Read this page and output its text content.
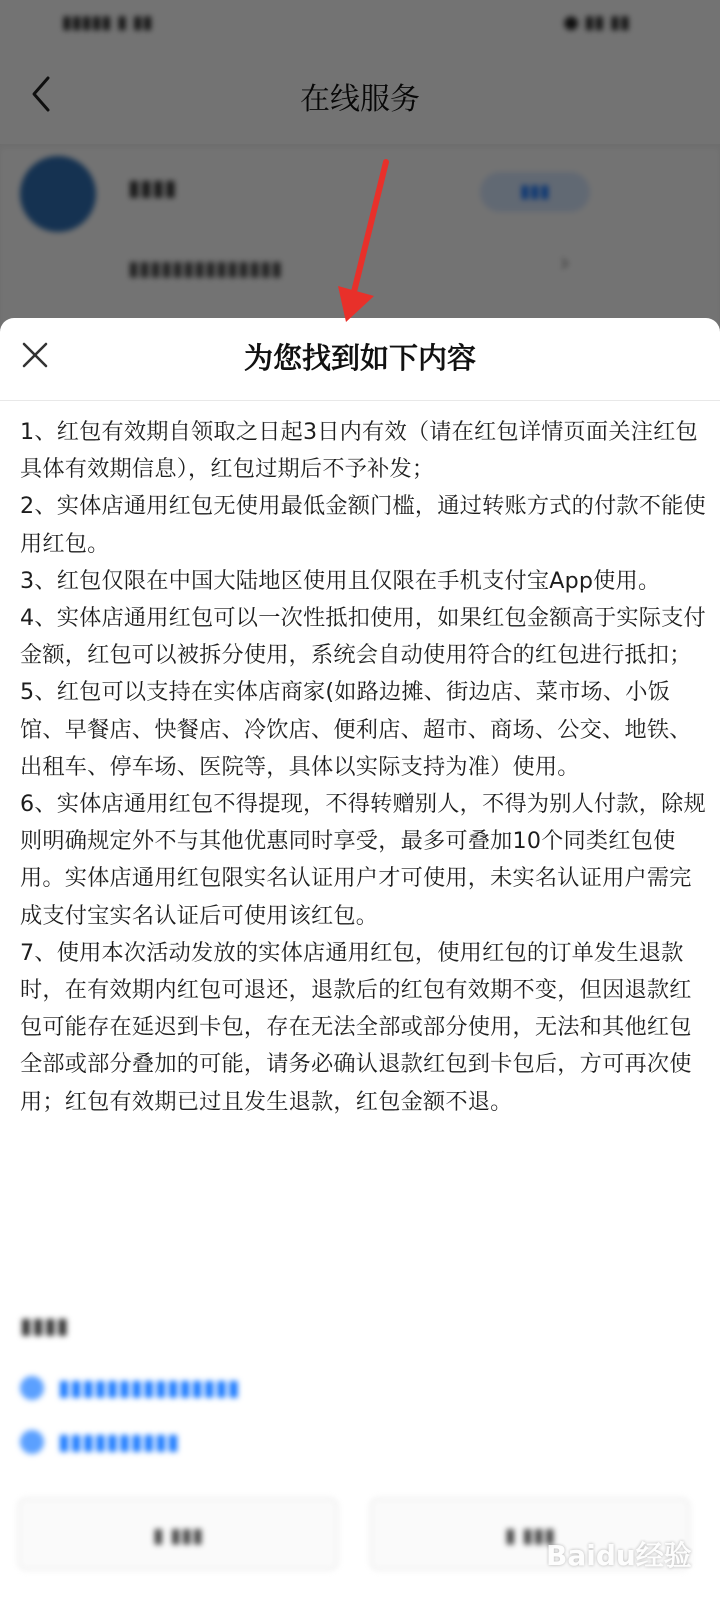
为您找到如下内容

1、红包有效期自领取之日起3日内有效（请在红包详情页面关注红包具体有效期信息），红包过期后不予补发；

2、实体店通用红包无使用最低金额门槛，通过转账方式的付款不能使用红包。

3、红包仅限在中国大陆地区使用且仅限在手机支付宝App使用。

4、实体店通用红包可以一次性抵扣使用，如果红包金额高于实际支付金额，红包可以被拆分使用，系统会自动使用符合的红包进行抵扣；

5、红包可以支持在实体店商家(如路边摊、街边店、菜市场、小饭馆、早餐店、快餐店、冷饮店、便利店、超市、商场、公交、地铁、出租车、停车场、医院等，具体以实际支持为准）使用。

6、实体店通用红包不得提现，不得转赠别人，不得为别人付款，除规则明确规定外不与其他优惠同时享受，最多可叠加10个同类红包使用。实体店通用红包限实名认证用户才可使用，未实名认证用户需完成支付宝实名认证后可使用该红包。

7、使用本次活动发放的实体店通用红包，使用红包的订单发生退款时，在有效期内红包可退还，退款后的红包有效期不变，但因退款红包可能存在延迟到卡包，存在无法全部或部分使用，无法和其他红包全部或部分叠加的可能，请务必确认退款红包到卡包后，方可再次使用；红包有效期已过且发生退款，红包金额不退。

▮▮▮▮
▮▮▮▮▮▮▮▮▮▮▮▮▮▮▮
▮▮▮▮▮▮▮▮▮▮
▮ ▮▮▮	▮ ▮▮▮
Baidu经验
